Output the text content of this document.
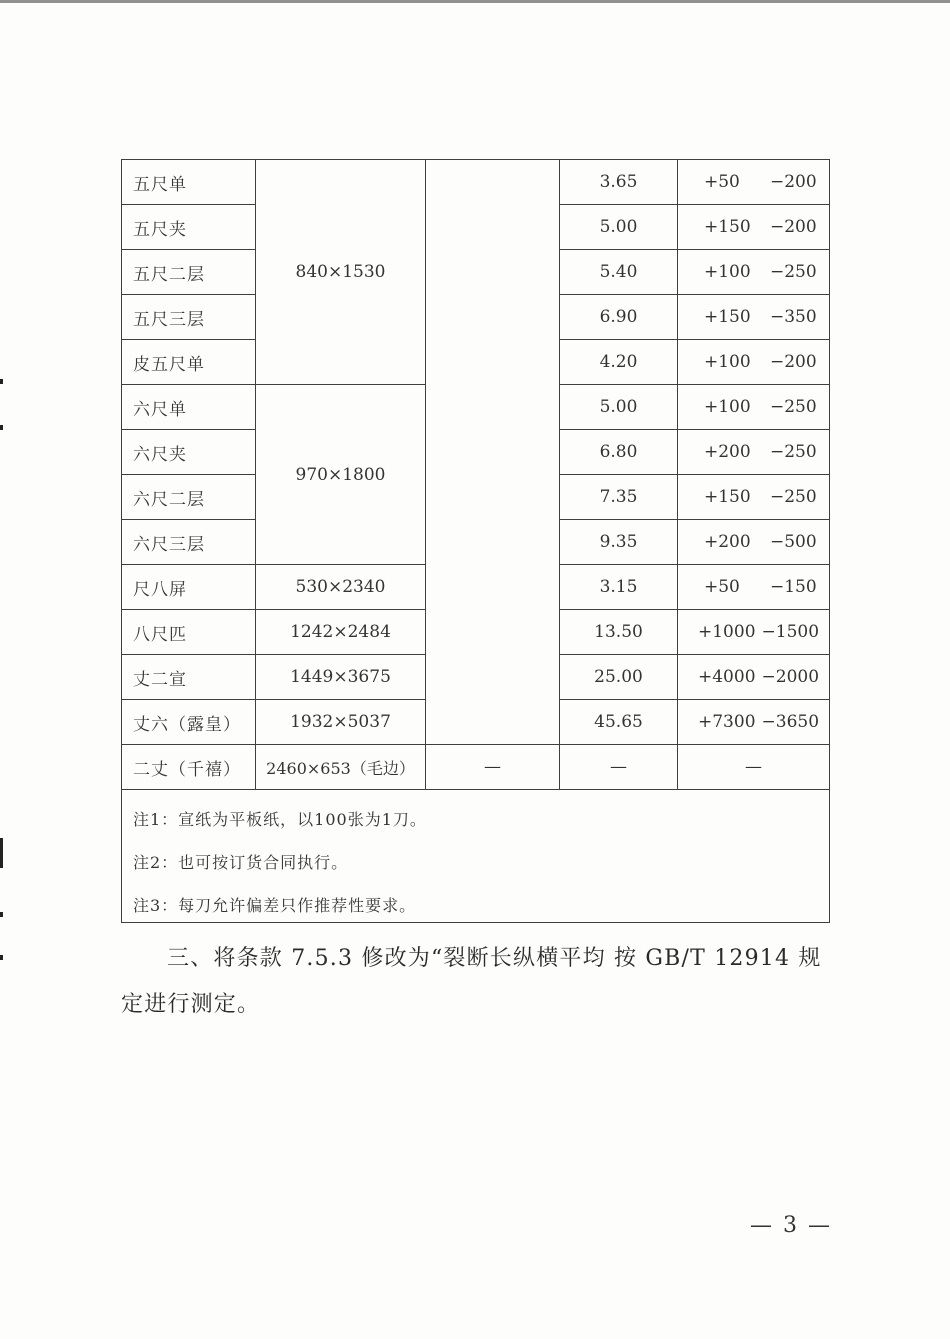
五尺单	840×1530		3.65	+50 −200
五尺夹			5.00	+150 −200
五尺二层			5.40	+100 −250
五尺三层			6.90	+150 −350
皮五尺单			4.20	+100 −200
六尺单	970×1800		5.00	+100 −250
六尺夹			6.80	+200 −250
六尺二层			7.35	+150 −250
六尺三层			9.35	+200 −500
尺八屏	530×2340		3.15	+50 −150
八尺匹	1242×2484		13.50	+1000 −1500
丈二宣	1449×3675		25.00	+4000 −2000
丈六（露皇）	1932×5037		45.65	+7300 −3650
二丈（千禧）	2460×653（毛边）	—	—	—

注1：宣纸为平板纸，以100张为1刀。
注2：也可按订货合同执行。
注3：每刀允许偏差只作推荐性要求。				
三、将条款 7.5.3 修改为“裂断长纵横平均 按 GB/T 12914 规
定进行测定。
— 3 —
